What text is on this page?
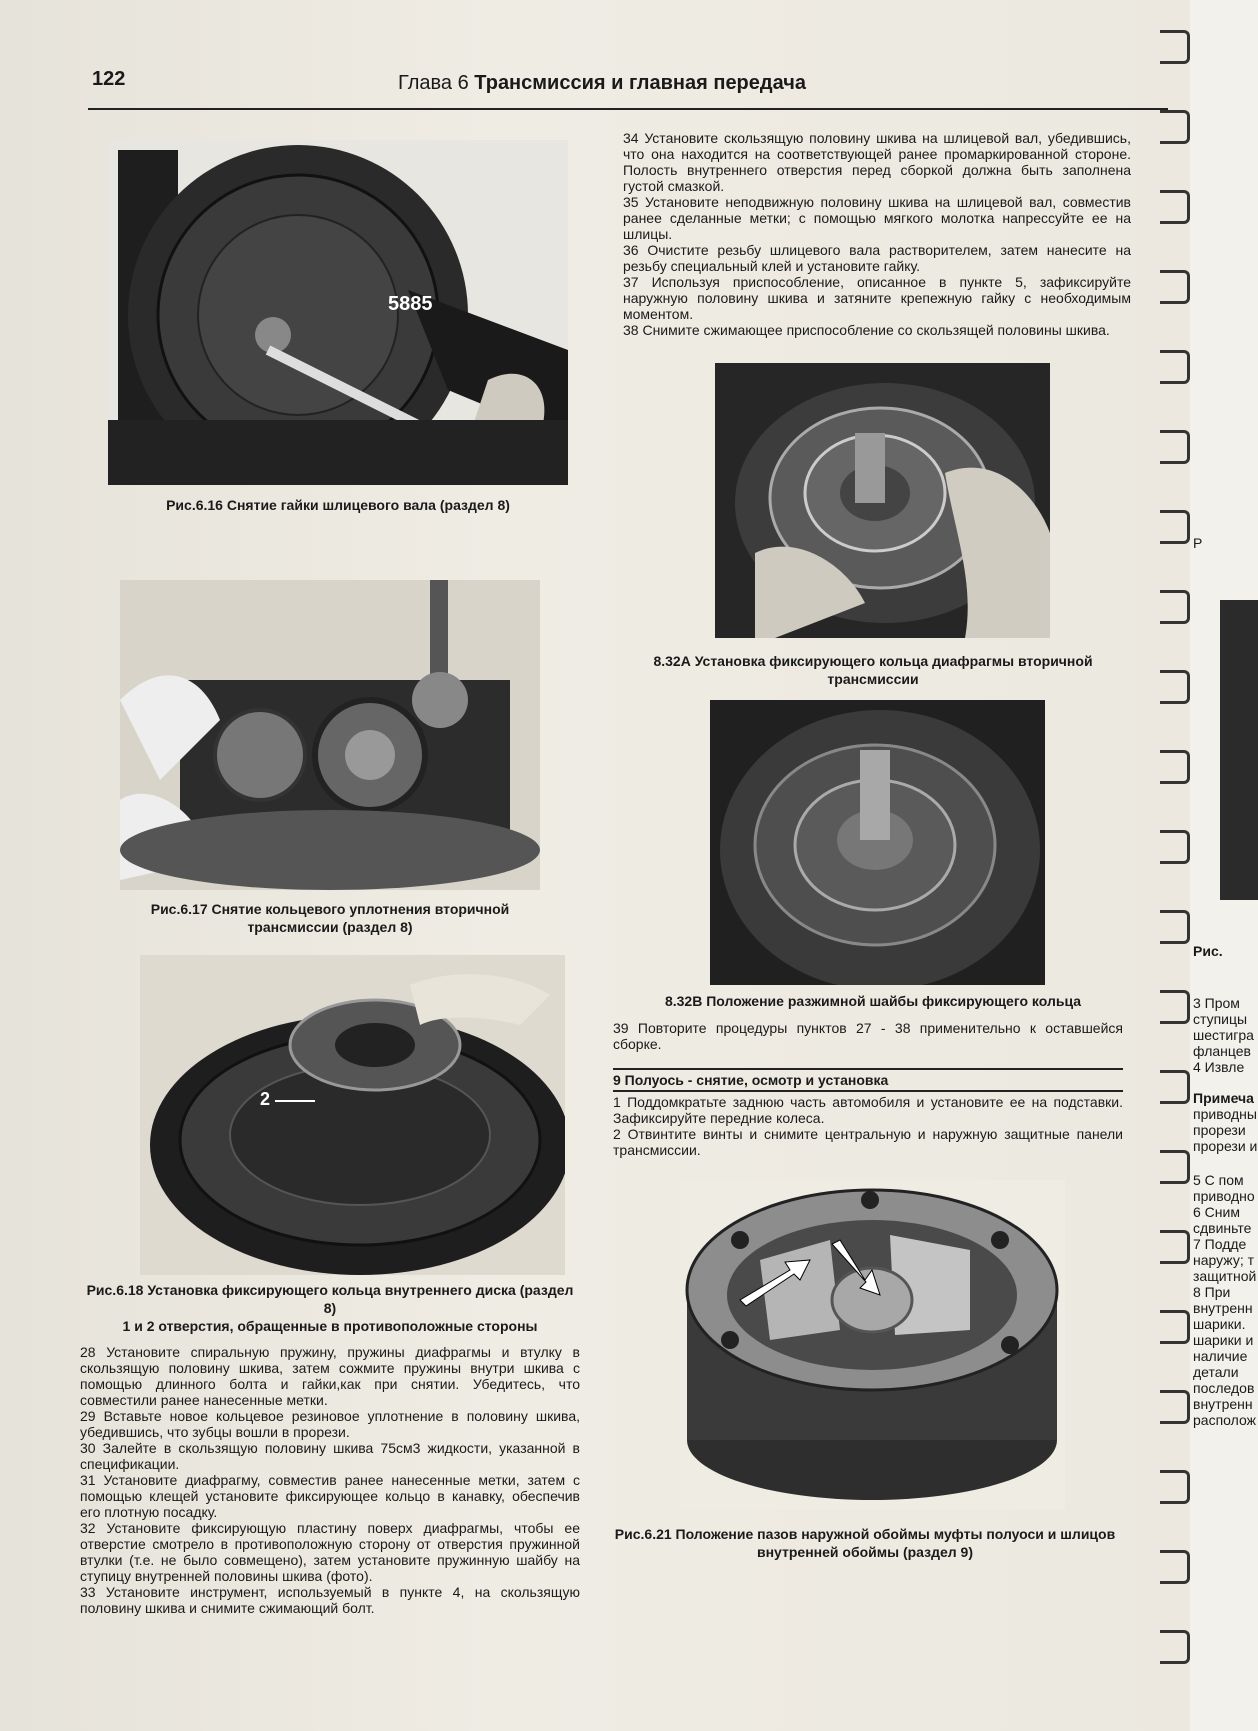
122	Глава 6 Трансмиссия и главная передача
5885
Рис.6.16 Снятие гайки шлицевого вала (раздел 8)
Рис.6.17 Снятие кольцевого уплотнения вторичной трансмиссии (раздел 8)
2
Рис.6.18 Установка фиксирующего кольца внутреннего диска (раздел 8)
1 и 2 отверстия, обращенные в противоположные стороны

28 Установите спиральную пружину, пружины диафрагмы и втулку в скользящую половину шкива, затем сожмите пружины внутри шкива с помощью длинного болта и гайки,как при снятии. Убедитесь, что совместили ранее нанесенные метки.

29 Вставьте новое кольцевое резиновое уплотнение в половину шкива, убедившись, что зубцы вошли в прорези.

30 Залейте в скользящую половину шкива 75см3 жидкости, указанной в спецификации.

31 Установите диафрагму, совместив ранее нанесенные метки, затем с помощью клещей установите фиксирующее кольцо в канавку, обеспечив его плотную посадку.

32 Установите фиксирующую пластину поверх диафрагмы, чтобы ее отверстие смотрело в противоположную сторону от отверстия пружинной втулки (т.е. не было совмещено), затем установите пружинную шайбу на ступицу внутренней половины шкива (фото).

33 Установите инструмент, используемый в пункте 4, на скользящую половину шкива и снимите сжимающий болт.

34 Установите скользящую половину шкива на шлицевой вал, убедившись, что она находится на соответствующей ранее промаркированной стороне. Полость внутреннего отверстия перед сборкой должна быть заполнена густой смазкой.

35 Установите неподвижную половину шкива на шлицевой вал, совместив ранее сделанные метки; с помощью мягкого молотка напрессуйте ее на шлицы.

36 Очистите резьбу шлицевого вала растворителем, затем нанесите на резьбу специальный клей и установите гайку.

37 Используя приспособление, описанное в пункте 5, зафиксируйте наружную половину шкива и затяните крепежную гайку с необходимым моментом.

38 Снимите сжимающее приспособление со скользящей половины шкива.

8.32А Установка фиксирующего кольца диафрагмы вторичной трансмиссии
8.32В Положение разжимной шайбы фиксирующего кольца

39 Повторите процедуры пунктов 27 - 38 применительно к оставшейся сборке.

9 Полуось - снятие, осмотр и установка

1 Поддомкратьте заднюю часть автомобиля и установите ее на подставки. Зафиксируйте передние колеса.

2 Отвинтите винты и снимите центральную и наружную защитные панели трансмиссии.

Рис.6.21 Положение пазов наружной обоймы муфты полуоси и шлицов внутренней обоймы (раздел 9)
Р
Рис.
3 Пром
ступицы
шестигра
фланцев
4 Извле
Примеча
приводны
прорези
прорези и
5 С пом
приводно
6 Сним
сдвиньте
7 Подде
наружу; т
защитной
8 При
внутренн
шарики.
шарики и
наличие
детали
последов
внутренн
располож
